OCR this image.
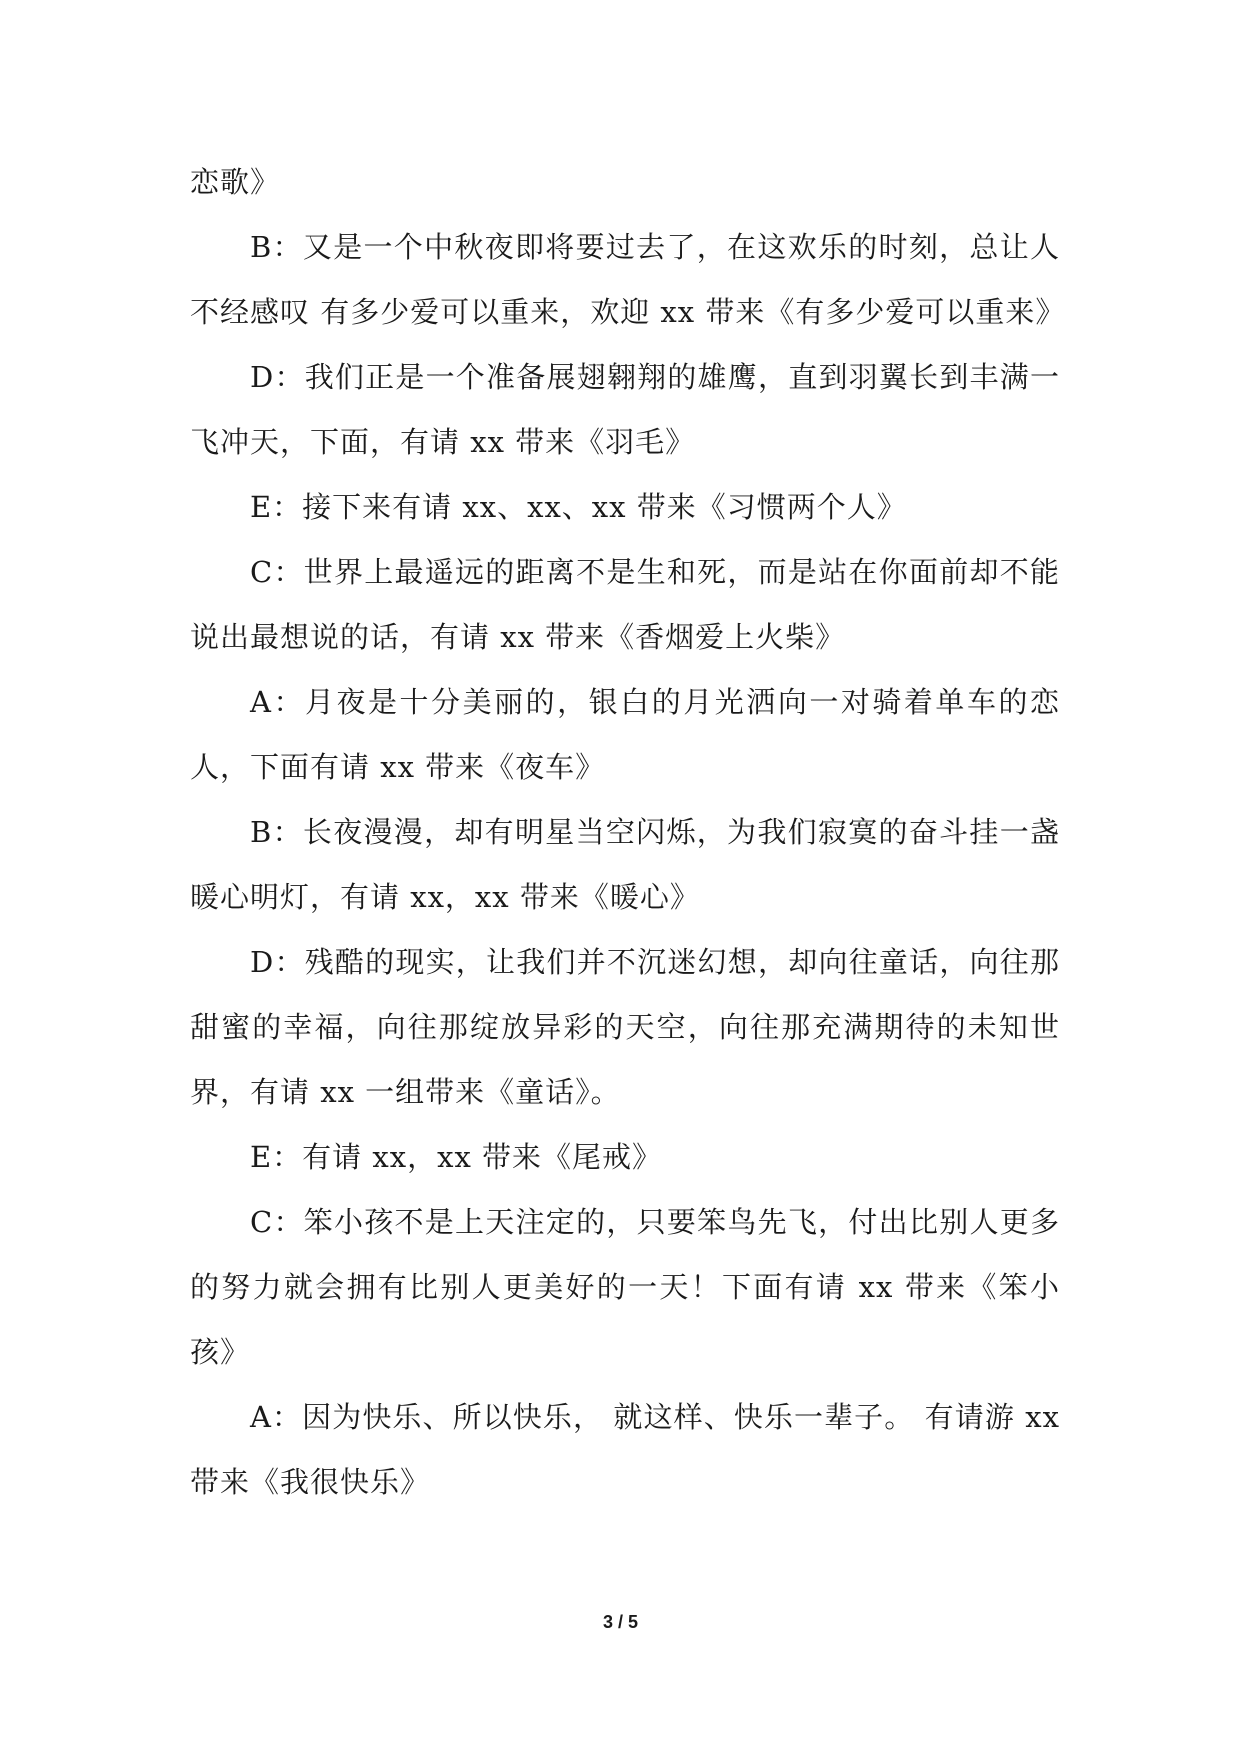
恋歌》

B：又是一个中秋夜即将要过去了，在这欢乐的时刻，总让人不经感叹 有多少爱可以重来，欢迎 xx 带来《有多少爱可以重来》

D：我们正是一个准备展翅翱翔的雄鹰，直到羽翼长到丰满一飞冲天，下面，有请 xx 带来《羽毛》

E：接下来有请 xx、xx、xx 带来《习惯两个人》

C：世界上最遥远的距离不是生和死，而是站在你面前却不能说出最想说的话，有请 xx 带来《香烟爱上火柴》

A：月夜是十分美丽的，银白的月光洒向一对骑着单车的恋人，下面有请 xx 带来《夜车》

B：长夜漫漫，却有明星当空闪烁，为我们寂寞的奋斗挂一盏暖心明灯，有请 xx，xx 带来《暖心》

D：残酷的现实，让我们并不沉迷幻想，却向往童话，向往那甜蜜的幸福，向往那绽放异彩的天空，向往那充满期待的未知世界，有请 xx 一组带来《童话》。

E：有请 xx，xx 带来《尾戒》

C：笨小孩不是上天注定的，只要笨鸟先飞，付出比别人更多的努力就会拥有比别人更美好的一天！下面有请 xx 带来《笨小孩》

A：因为快乐、所以快乐， 就这样、快乐一辈子。 有请游 xx 带来《我很快乐》

3 / 5
